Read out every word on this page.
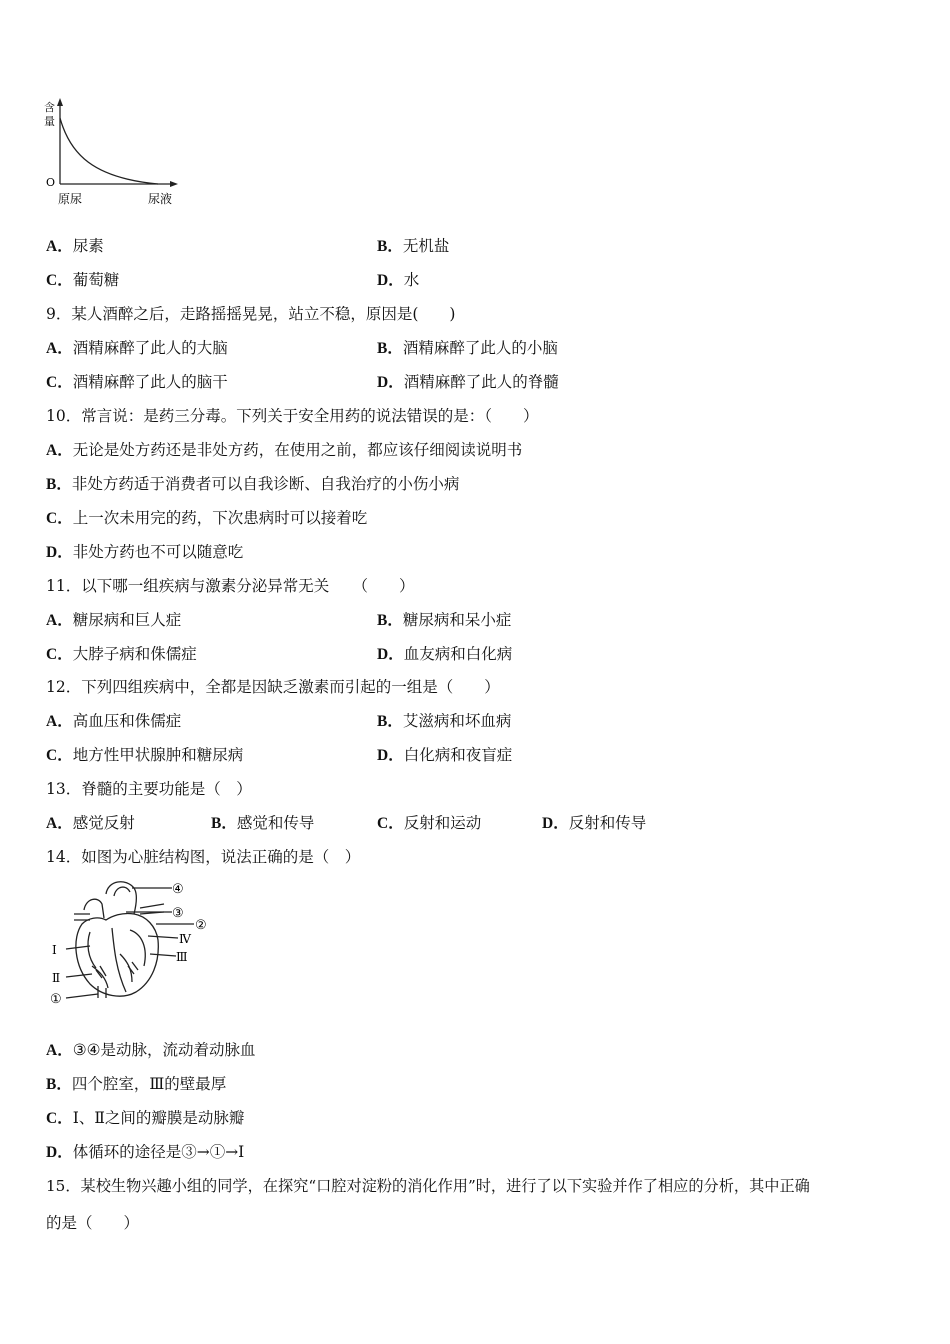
含
量
O
原尿	尿液
A．尿素	B．无机盐
C．葡萄糖	D．水
9．某人酒醉之后，走路摇摇晃晃，站立不稳，原因是(　　)
A．酒精麻醉了此人的大脑	B．酒精麻醉了此人的小脑
C．酒精麻醉了此人的脑干	D．酒精麻醉了此人的脊髓
10．常言说：是药三分毒。下列关于安全用药的说法错误的是：（　　）
A．无论是处方药还是非处方药，在使用之前，都应该仔细阅读说明书
B．非处方药适于消费者可以自我诊断、自我治疗的小伤小病
C．上一次未用完的药，下次患病时可以接着吃
D．非处方药也不可以随意吃
11．以下哪一组疾病与激素分泌异常无关　　（　　）
A．糖尿病和巨人症	B．糖尿病和呆小症
C．大脖子病和侏儒症	D．血友病和白化病
12．下列四组疾病中，全都是因缺乏激素而引起的一组是（　　）
A．高血压和侏儒症	B．艾滋病和坏血病
C．地方性甲状腺肿和糖尿病	D．白化病和夜盲症
13．脊髓的主要功能是（　）
A．感觉反射	B．感觉和传导	C．反射和运动	D．反射和传导
14．如图为心脏结构图，说法正确的是（　）
④
③
②
Ⅳ
Ⅲ
Ⅰ
Ⅱ
①
A．③④是动脉，流动着动脉血
B．四个腔室，Ⅲ的壁最厚
C．Ⅰ、Ⅱ之间的瓣膜是动脉瓣
D．体循环的途径是③→①→Ⅰ
15．某校生物兴趣小组的同学，在探究“口腔对淀粉的消化作用”时，进行了以下实验并作了相应的分析，其中正确
的是（　　）
